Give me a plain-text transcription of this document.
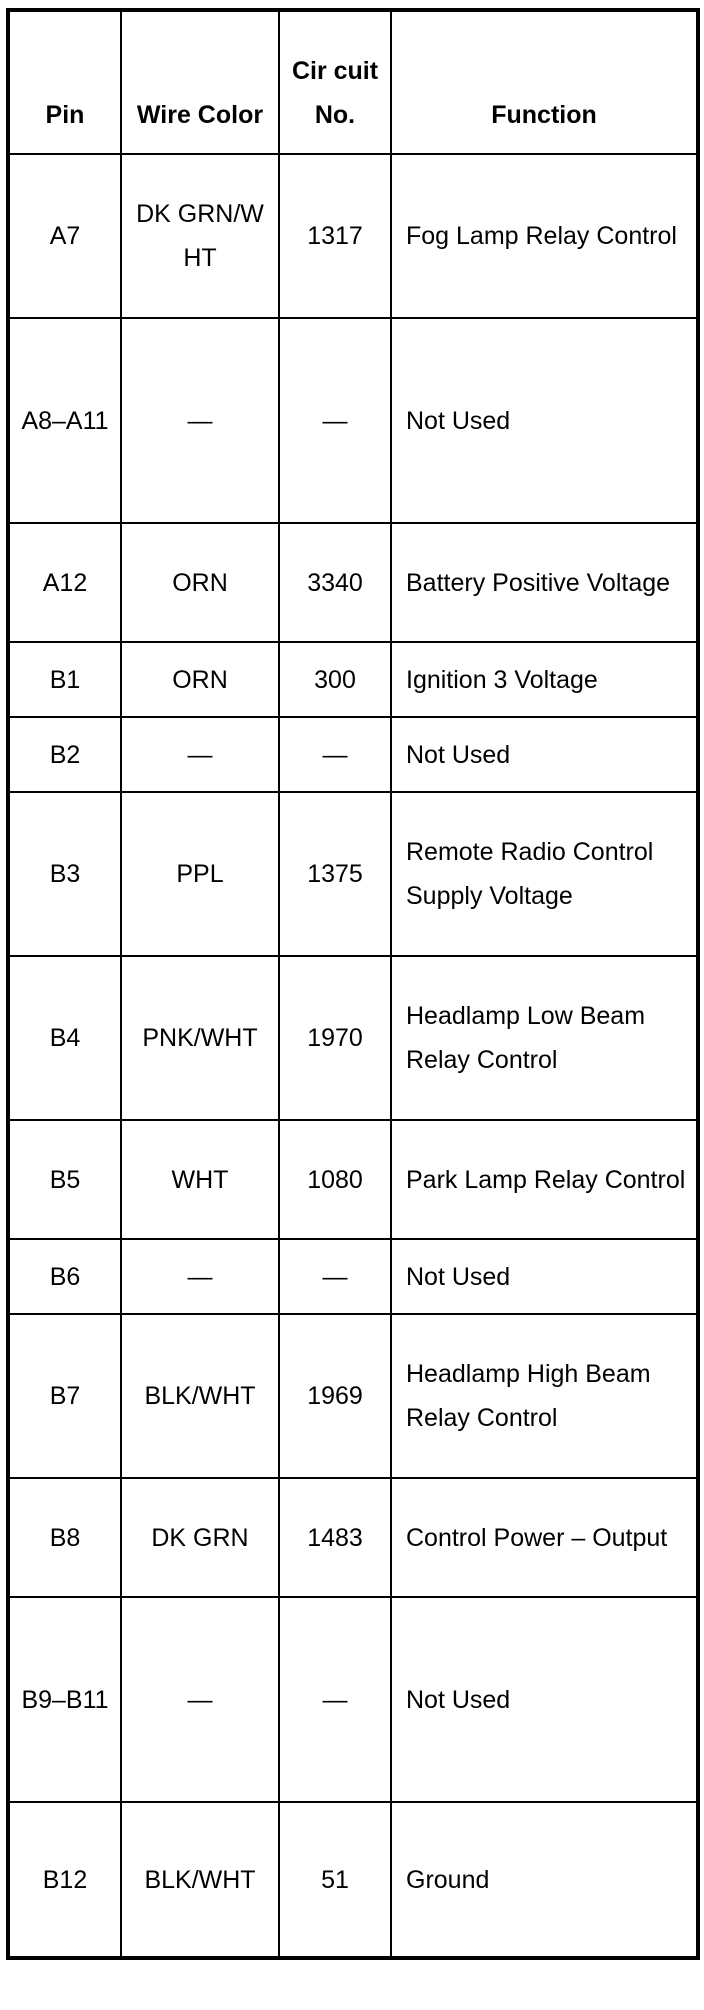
Pin	Wire Color	Cir cuit No.	Function
A7	DK GRN/WHT	1317	Fog Lamp Relay Control
A8–A11	—	—	Not Used
A12	ORN	3340	Battery Positive Voltage
B1	ORN	300	Ignition 3 Voltage
B2	—	—	Not Used
B3	PPL	1375	Remote Radio Control Supply Voltage
B4	PNK/WHT	1970	Headlamp Low Beam Relay Control
B5	WHT	1080	Park Lamp Relay Control
B6	—	—	Not Used
B7	BLK/WHT	1969	Headlamp High Beam Relay Control
B8	DK GRN	1483	Control Power – Output
B9–B11	—	—	Not Used
B12	BLK/WHT	51	Ground
